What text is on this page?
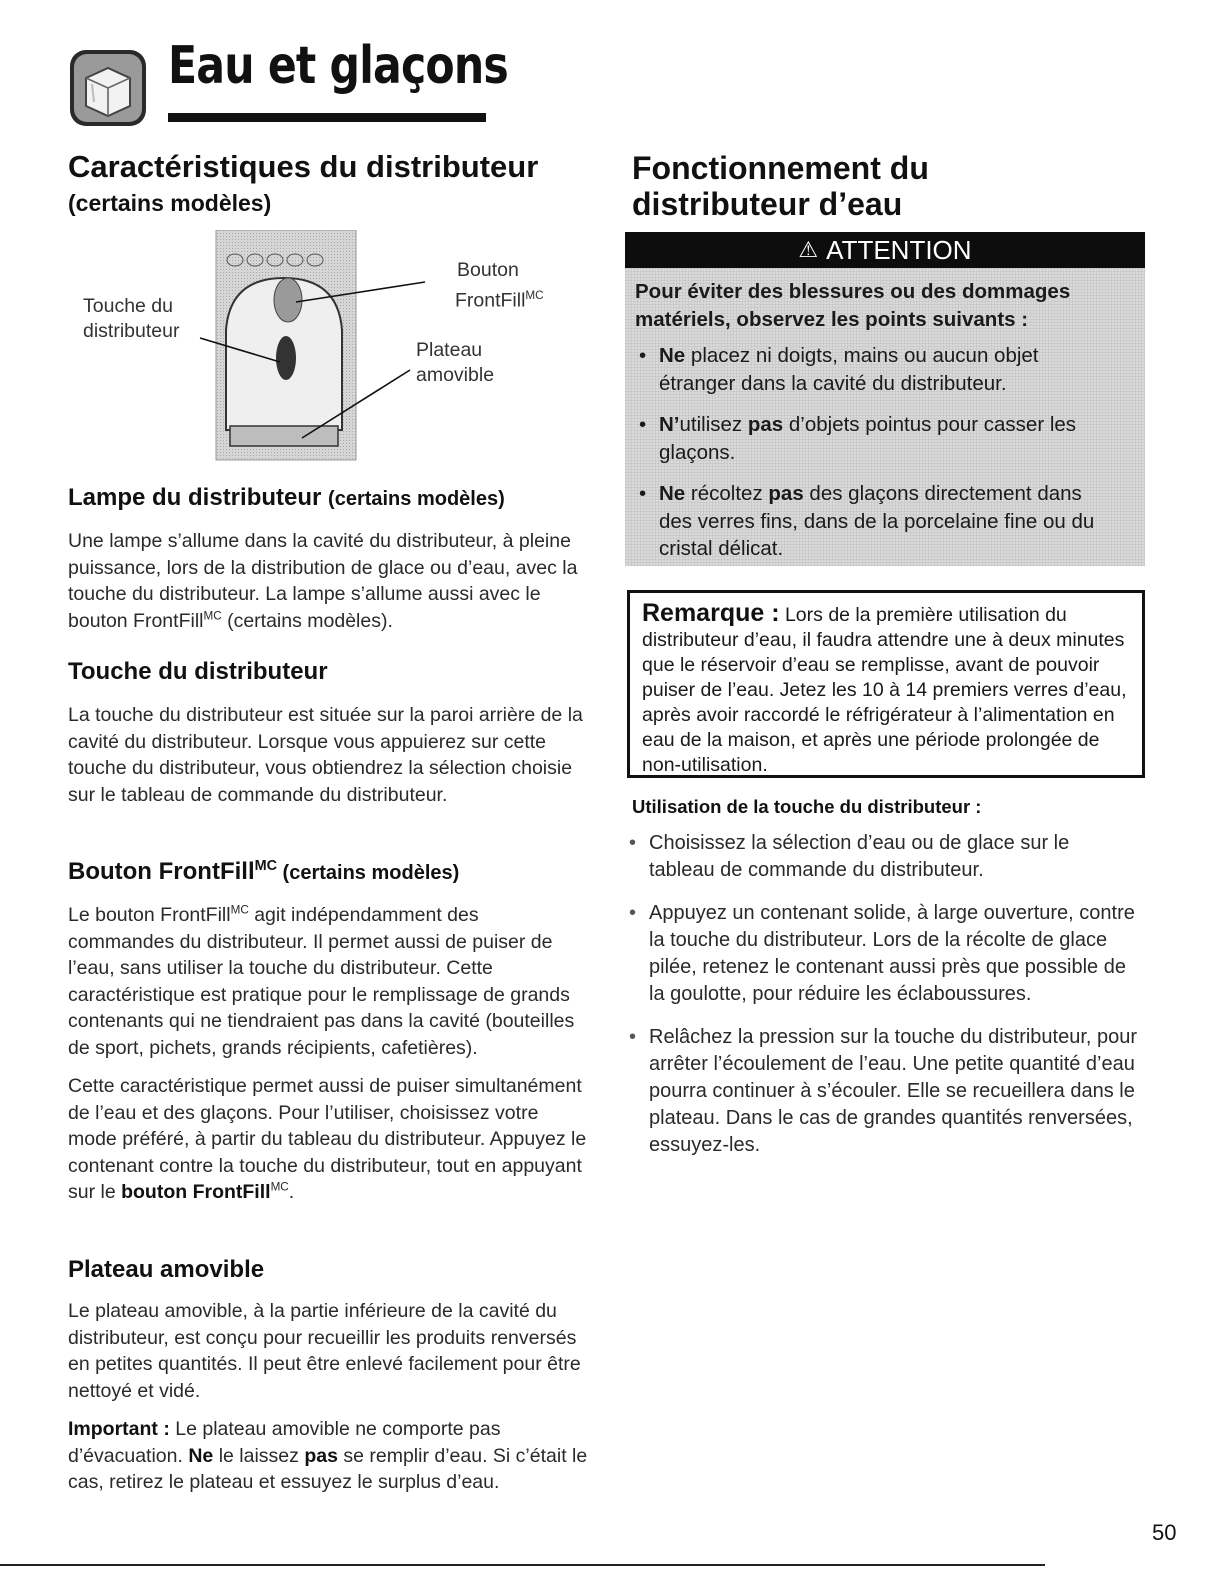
Eau et glaçons
Caractéristiques du distributeur
(certains modèles)
Touche du
distributeur
Bouton
FrontFill$^{MC}$
Plateau
amovible
Lampe du distributeur (certains modèles)

Une lampe s’allume dans la cavité du distributeur, à pleine puissance, lors de la distribution de glace ou d’eau, avec la touche du distributeur. La lampe s’allume aussi avec le bouton FrontFill$^{MC}$ (certains modèles).

Touche du distributeur

La touche du distributeur est située sur la paroi arrière de la cavité du distributeur. Lorsque vous appuierez sur cette touche du distributeur, vous obtiendrez la sélection choisie sur le tableau de commande du distributeur.

Bouton FrontFill$^{MC}$ (certains modèles)

Le bouton FrontFill$^{MC}$ agit indépendamment des commandes du distributeur. Il permet aussi de puiser de l’eau, sans utiliser la touche du distributeur. Cette caractéristique est pratique pour le remplissage de grands contenants qui ne tiendraient pas dans la cavité (bouteilles de sport, pichets, grands récipients, cafetières).

Cette caractéristique permet aussi de puiser simultanément de l’eau et des glaçons. Pour l’utiliser, choisissez votre mode préféré, à partir du tableau du distributeur. Appuyez le contenant contre la touche du distributeur, tout en appuyant sur le bouton FrontFill$^{MC}$.

Plateau amovible

Le plateau amovible, à la partie inférieure de la cavité du distributeur, est conçu pour recueillir les produits renversés en petites quantités. Il peut être enlevé facilement pour être nettoyé et vidé.

Important : Le plateau amovible ne comporte pas d’évacuation. Ne le laissez pas se remplir d’eau. Si c’était le cas, retirez le plateau et essuyez le surplus d’eau.

Fonctionnement du
distributeur d’eau
⚠ ATTENTION
Pour éviter des blessures ou des dommages matériels, observez les points suivants :
• Ne placez ni doigts, mains ou aucun objet étranger dans la cavité du distributeur.
• N’utilisez pas d’objets pointus pour casser les glaçons.
• Ne récoltez pas des glaçons directement dans des verres fins, dans de la porcelaine fine ou du cristal délicat.
Remarque : Lors de la première utilisation du distributeur d’eau, il faudra attendre une à deux minutes que le réservoir d’eau se remplisse, avant de pouvoir puiser de l’eau. Jetez les 10 à 14 premiers verres d’eau, après avoir raccordé le réfrigérateur à l’alimentation en eau de la maison, et après une période prolongée de non-utilisation.
Utilisation de la touche du distributeur :
• Choisissez la sélection d’eau ou de glace sur le tableau de commande du distributeur.
• Appuyez un contenant solide, à large ouverture, contre la touche du distributeur. Lors de la récolte de glace pilée, retenez le contenant aussi près que possible de la goulotte, pour réduire les éclaboussures.
• Relâchez la pression sur la touche du distributeur, pour arrêter l’écoulement de l’eau. Une petite quantité d’eau pourra continuer à s’écouler. Elle se recueillera dans le plateau. Dans le cas de grandes quantités renversées, essuyez-les.
50
